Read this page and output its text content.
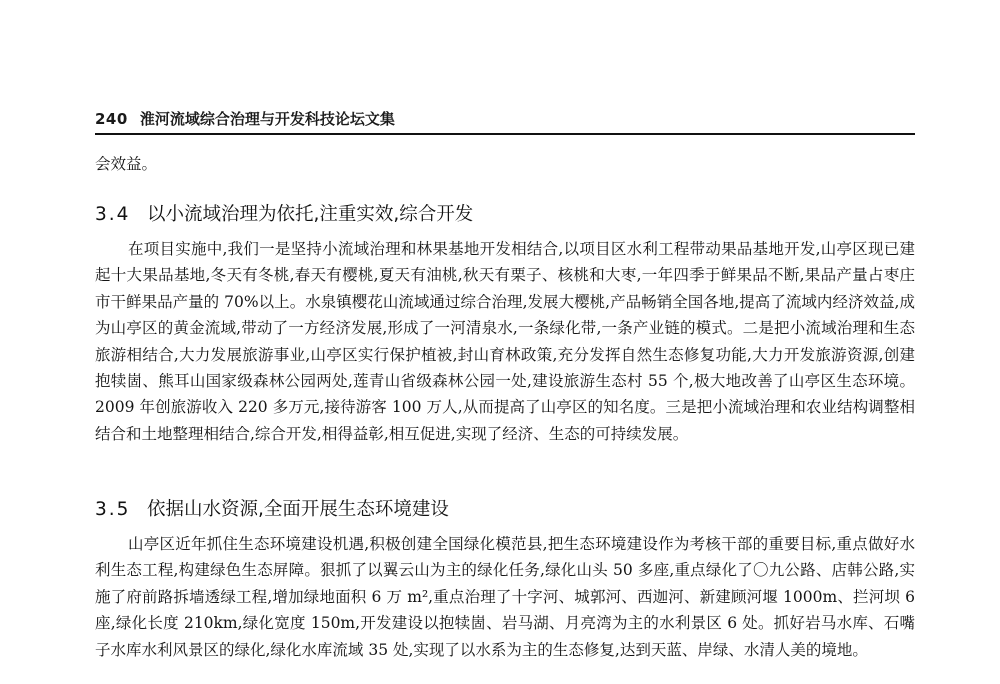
240 淮河流域综合治理与开发科技论坛文集
会效益。
3.4 以小流域治理为依托,注重实效,综合开发

在项目实施中,我们一是坚持小流域治理和林果基地开发相结合,以项目区水利工程带动果品基地开发,山亭区现已建起十大果品基地,冬天有冬桃,春天有樱桃,夏天有油桃,秋天有栗子、核桃和大枣,一年四季于鲜果品不断,果品产量占枣庄市干鲜果品产量的 70%以上。水泉镇樱花山流域通过综合治理,发展大樱桃,产品畅销全国各地,提高了流域内经济效益,成为山亭区的黄金流域,带动了一方经济发展,形成了一河清泉水,一条绿化带,一条产业链的模式。二是把小流域治理和生态旅游相结合,大力发展旅游事业,山亭区实行保护植被,封山育林政策,充分发挥自然生态修复功能,大力开发旅游资源,创建抱犊崮、熊耳山国家级森林公园两处,莲青山省级森林公园一处,建设旅游生态村 55 个,极大地改善了山亭区生态环境。2009 年创旅游收入 220 多万元,接待游客 100 万人,从而提高了山亭区的知名度。三是把小流域治理和农业结构调整相结合和土地整理相结合,综合开发,相得益彰,相互促进,实现了经济、生态的可持续发展。

3.5 依据山水资源,全面开展生态环境建设

山亭区近年抓住生态环境建设机遇,积极创建全国绿化模范县,把生态环境建设作为考核干部的重要目标,重点做好水利生态工程,构建绿色生态屏障。狠抓了以翼云山为主的绿化任务,绿化山头 50 多座,重点绿化了〇九公路、店韩公路,实施了府前路拆墙透绿工程,增加绿地面积 6 万 m²,重点治理了十字河、城郭河、西迦河、新建顾河堰 1000m、拦河坝 6 座,绿化长度 210km,绿化宽度 150m,开发建设以抱犊崮、岩马湖、月亮湾为主的水利景区 6 处。抓好岩马水库、石嘴子水库水利风景区的绿化,绿化水库流域 35 处,实现了以水系为主的生态修复,达到天蓝、岸绿、水清人美的境地。
